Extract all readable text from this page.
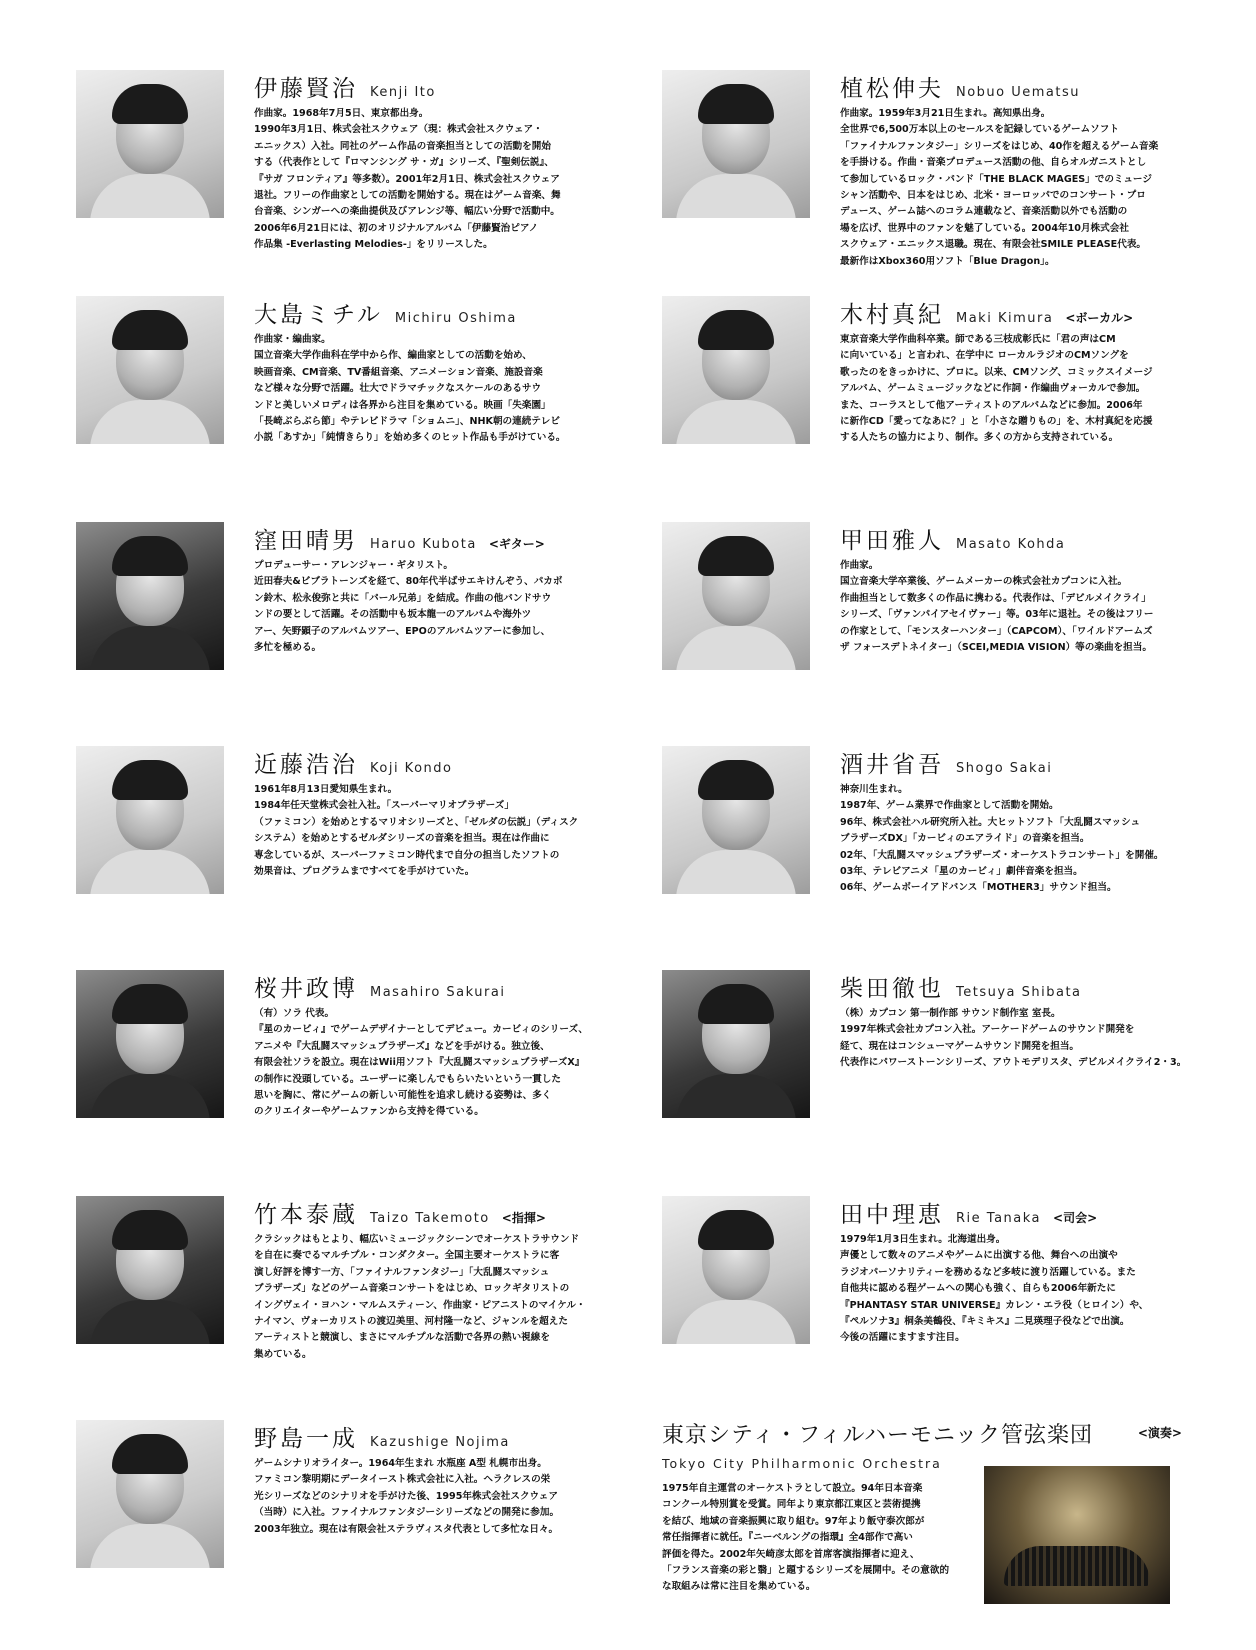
伊藤賢治 Kenji Ito
作曲家。1968年7月5日、東京都出身。
1990年3月1日、株式会社スクウェア（現：株式会社スクウェア・
エニックス）入社。同社のゲーム作品の音楽担当としての活動を開始
する（代表作として『ロマンシング サ・ガ』シリーズ、『聖剣伝説』、
『サガ フロンティア』等多数）。2001年2月1日、株式会社スクウェア
退社。フリーの作曲家としての活動を開始する。現在はゲーム音楽、舞
台音楽、シンガーへの楽曲提供及びアレンジ等、幅広い分野で活動中。
2006年6月21日には、初のオリジナルアルバム「伊藤賢治ピアノ
作品集 -Everlasting Melodies-」をリリースした。
大島ミチル Michiru Oshima
作曲家・編曲家。
国立音楽大学作曲科在学中から作、編曲家としての活動を始め、
映画音楽、CM音楽、TV番組音楽、アニメーション音楽、施設音楽
など様々な分野で活躍。壮大でドラマチックなスケールのあるサウ
ンドと美しいメロディは各界から注目を集めている。映画「失楽園」
「長崎ぶらぶら節」やテレビドラマ「ショムニ」、NHK朝の連続テレビ
小説「あすか」「純情きらり」を始め多くのヒット作品も手がけている。
窪田晴男 Haruo Kubota <ギター>
プロデューサー・アレンジャー・ギタリスト。
近田春夫&ビブラトーンズを経て、80年代半ばサエキけんぞう、パカボ
ン鈴木、松永俊弥と共に「パール兄弟」を結成。作曲の他バンドサウ
ンドの要として活躍。その活動中も坂本龍一のアルバムや海外ツ
アー、矢野顕子のアルバムツアー、EPOのアルバムツアーに参加し、
多忙を極める。
近藤浩治 Koji Kondo
1961年8月13日愛知県生まれ。
1984年任天堂株式会社入社。「スーパーマリオブラザーズ」
（ファミコン）を始めとするマリオシリーズと、「ゼルダの伝説」（ディスク
システム）を始めとするゼルダシリーズの音楽を担当。現在は作曲に
専念しているが、スーパーファミコン時代まで自分の担当したソフトの
効果音は、プログラムまですべてを手がけていた。
桜井政博 Masahiro Sakurai
（有）ソラ 代表。
『星のカービィ』でゲームデザイナーとしてデビュー。カービィのシリーズ、
アニメや『大乱闘スマッシュブラザーズ』などを手がける。独立後、
有限会社ソラを設立。現在はWii用ソフト『大乱闘スマッシュブラザーズX』
の制作に没頭している。ユーザーに楽しんでもらいたいという一貫した
思いを胸に、常にゲームの新しい可能性を追求し続ける姿勢は、多く
のクリエイターやゲームファンから支持を得ている。
竹本泰蔵 Taizo Takemoto <指揮>
クラシックはもとより、幅広いミュージックシーンでオーケストラサウンド
を自在に奏でるマルチプル・コンダクター。全国主要オーケストラに客
演し好評を博す一方、「ファイナルファンタジー」「大乱闘スマッシュ
ブラザーズ」などのゲーム音楽コンサートをはじめ、ロックギタリストの
イングヴェイ・ヨハン・マルムスティーン、作曲家・ピアニストのマイケル・
ナイマン、ヴォーカリストの渡辺美里、河村隆一など、ジャンルを超えた
アーティストと競演し、まさにマルチプルな活動で各界の熱い視線を
集めている。
野島一成 Kazushige Nojima
ゲームシナリオライター。1964年生まれ 水瓶座 A型 札幌市出身。
ファミコン黎明期にデータイースト株式会社に入社。ヘラクレスの栄
光シリーズなどのシナリオを手がけた後、1995年株式会社スクウェア
（当時）に入社。ファイナルファンタジーシリーズなどの開発に参加。
2003年独立。現在は有限会社ステラヴィスタ代表として多忙な日々。
植松伸夫 Nobuo Uematsu
作曲家。1959年3月21日生まれ。高知県出身。
全世界で6,500万本以上のセールスを記録しているゲームソフト
「ファイナルファンタジー」シリーズをはじめ、40作を超えるゲーム音楽
を手掛ける。作曲・音楽プロデュース活動の他、自らオルガニストとし
て参加しているロック・バンド「THE BLACK MAGES」でのミュージ
シャン活動や、日本をはじめ、北米・ヨーロッパでのコンサート・プロ
デュース、ゲーム誌へのコラム連載など、音楽活動以外でも活動の
場を広げ、世界中のファンを魅了している。2004年10月株式会社
スクウェア・エニックス退職。現在、有限会社SMILE PLEASE代表。
最新作はXbox360用ソフト「Blue Dragon」。
木村真紀 Maki Kimura <ボーカル>
東京音楽大学作曲科卒業。師である三枝成彰氏に「君の声はCM
に向いている」と言われ、在学中に ローカルラジオのCMソングを
歌ったのをきっかけに、プロに。以来、CMソング、コミックスイメージ
アルバム、ゲームミュージックなどに作詞・作編曲ヴォーカルで参加。
また、コーラスとして他アーティストのアルバムなどに参加。2006年
に新作CD「愛ってなあに？」と「小さな贈りもの」を、木村真紀を応援
する人たちの協力により、制作。多くの方から支持されている。
甲田雅人 Masato Kohda
作曲家。
国立音楽大学卒業後、ゲームメーカーの株式会社カプコンに入社。
作曲担当として数多くの作品に携わる。代表作は、「デビルメイクライ」
シリーズ、「ヴァンパイアセイヴァー」等。03年に退社。その後はフリー
の作家として、「モンスターハンター」（CAPCOM）、「ワイルドアームズ
ザ フォースデトネイター」（SCEI,MEDIA VISION）等の楽曲を担当。
酒井省吾 Shogo Sakai
神奈川生まれ。
1987年、ゲーム業界で作曲家として活動を開始。
96年、株式会社ハル研究所入社。大ヒットソフト「大乱闘スマッシュ
ブラザーズDX」「カービィのエアライド」の音楽を担当。
02年、「大乱闘スマッシュブラザーズ・オーケストラコンサート」を開催。
03年、テレビアニメ「星のカービィ」劇伴音楽を担当。
06年、ゲームボーイアドバンス「MOTHER3」サウンド担当。
柴田徹也 Tetsuya Shibata
（株）カプコン 第一制作部 サウンド制作室 室長。
1997年株式会社カプコン入社。アーケードゲームのサウンド開発を
経て、現在はコンシューマゲームサウンド開発を担当。
代表作にパワーストーンシリーズ、アウトモデリスタ、デビルメイクライ2・3。
田中理恵 Rie Tanaka <司会>
1979年1月3日生まれ。北海道出身。
声優として数々のアニメやゲームに出演する他、舞台への出演や
ラジオパーソナリティーを務めるなど多岐に渡り活躍している。また
自他共に認める程ゲームへの関心も強く、自らも2006年新たに
『PHANTASY STAR UNIVERSE』カレン・エラ役（ヒロイン）や、
『ペルソナ3』桐条美鶴役、『キミキス』二見瑛理子役などで出演。
今後の活躍にますます注目。
東京シティ・フィルハーモニック管弦楽団	<演奏>
Tokyo City Philharmonic Orchestra
1975年自主運営のオーケストラとして設立。94年日本音楽
コンクール特別賞を受賞。同年より東京都江東区と芸術提携
を結び、地域の音楽振興に取り組む。97年より飯守泰次郎が
常任指揮者に就任。『ニーベルングの指環』全4部作で高い
評価を得た。2002年矢崎彦太郎を首席客演指揮者に迎え、
「フランス音楽の彩と翳」と題するシリーズを展開中。その意欲的
な取組みは常に注目を集めている。
